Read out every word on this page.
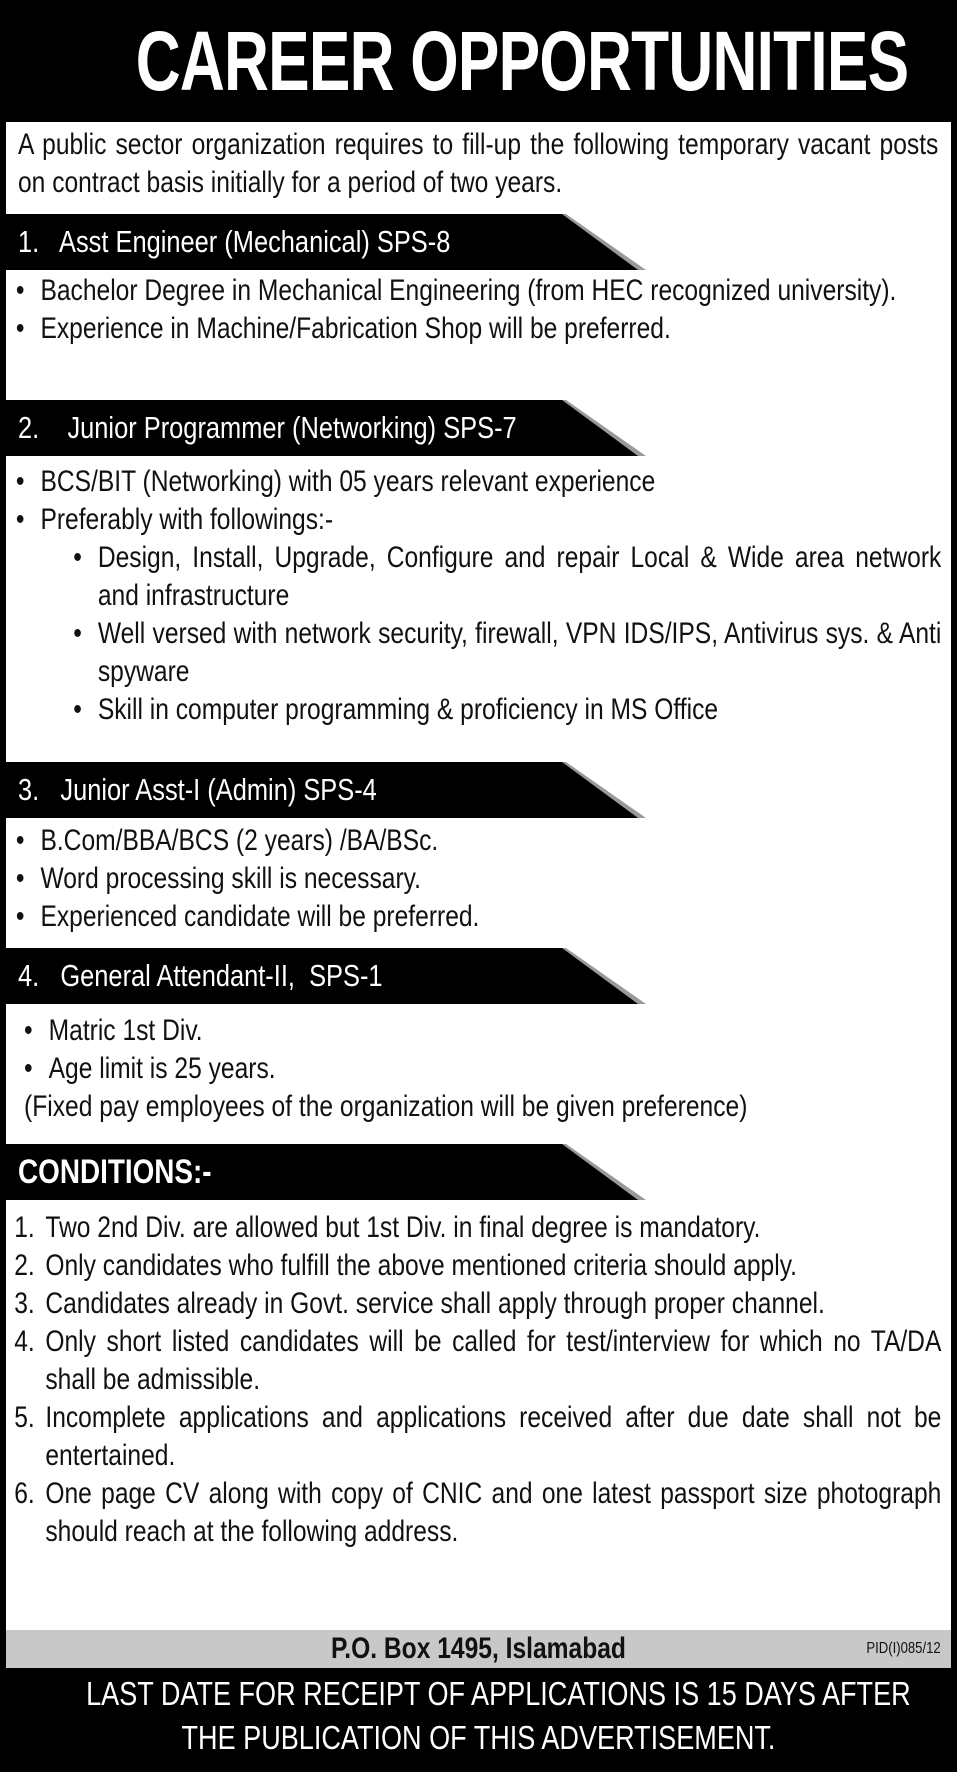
CAREER OPPORTUNITIES
A public sector organization requires to fill-up the following temporary vacant posts on contract basis initially for a period of two years.
1.   Asst Engineer (Mechanical) SPS-8
• Bachelor Degree in Mechanical Engineering (from HEC recognized university).
• Experience in Machine/Fabrication Shop will be preferred.
2.    Junior Programmer (Networking) SPS-7
• BCS/BIT (Networking) with 05 years relevant experience
• Preferably with followings:-
• Design, Install, Upgrade, Configure and repair Local & Wide area network and infrastructure
• Well versed with network security, firewall, VPN IDS/IPS, Antivirus sys. & Anti spyware
• Skill in computer programming & proficiency in MS Office
3.   Junior Asst-I (Admin) SPS-4
• B.Com/BBA/BCS (2 years) /BA/BSc.
• Word processing skill is necessary.
• Experienced candidate will be preferred.
4.   General Attendant-II,  SPS-1
• Matric 1st Div.
• Age limit is 25 years.
(Fixed pay employees of the organization will be given preference)
CONDITIONS:-
1. Two 2nd Div. are allowed but 1st Div. in final degree is mandatory.
2. Only candidates who fulfill the above mentioned criteria should apply.
3. Candidates already in Govt. service shall apply through proper channel.
4. Only short listed candidates will be called for test/interview for which no TA/DA shall be admissible.
5. Incomplete applications and applications received after due date shall not be entertained.
6. One page CV along with copy of CNIC and one latest passport size photograph should reach at the following address.
P.O. Box 1495, Islamabad	PID(I)085/12
LAST DATE FOR RECEIPT OF APPLICATIONS IS 15 DAYS AFTER
THE PUBLICATION OF THIS ADVERTISEMENT.
